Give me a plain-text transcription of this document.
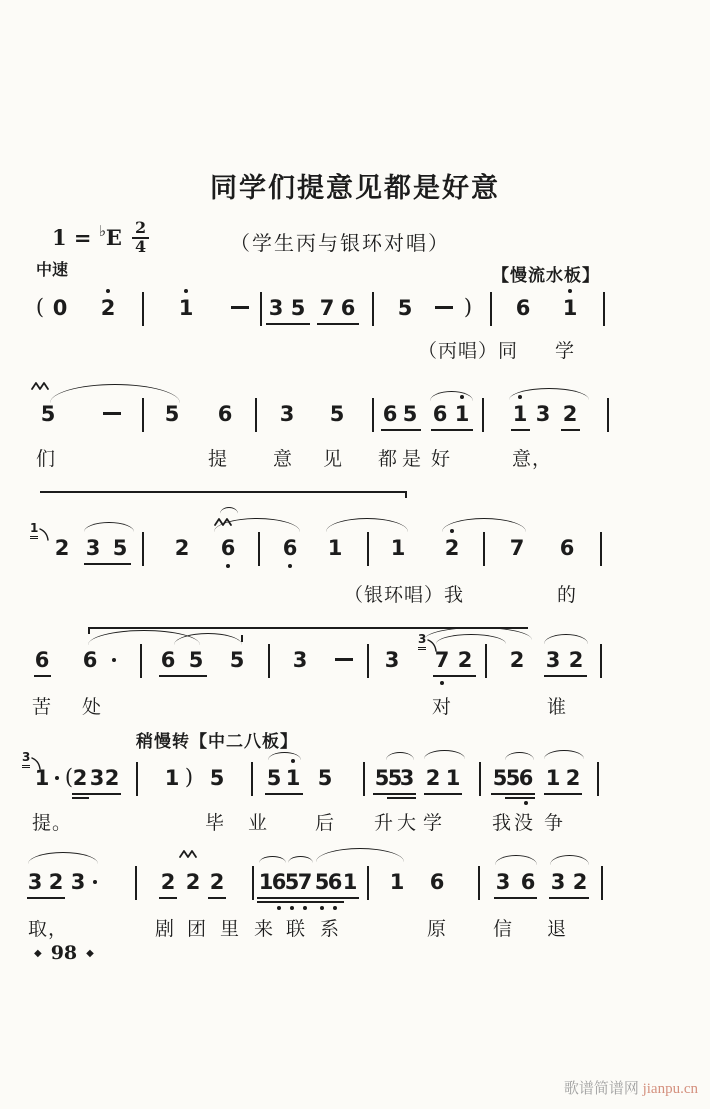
同学们提意见都是好意
$1 = ^♭E \frac{2}{4}$	（学生丙与银环对唱）
中速	【慢流水板】
稍慢转【中二八板】
( 0 2	1	3 5 7 6 5 ) 6 1
（丙唱）同 学
5	5 6 3 5 6 5 6 1 1 3 2
们	提 意 见 都 是 好	意，
1
2 3 5 2 6 6 1 1 2 7 6
（银环唱）我	的
3
6 6	6 5 5 3	3 7 2 2 3 2
苦 处	对	谁
3
1 ( 2 3 2 1 ) 5 5 1 5 5
5
3 2 1 5
5
6 1 2
提。	毕 业 后 升 大 学	我 没 争
3 2 3	2 2 2 1
6
5
7 5
6 1 1 6 3 6 3 2
取，	剧 团 里 来 联 系	原 信 退
◆ 98 ◆
歌谱简谱网 jianpu.cn
